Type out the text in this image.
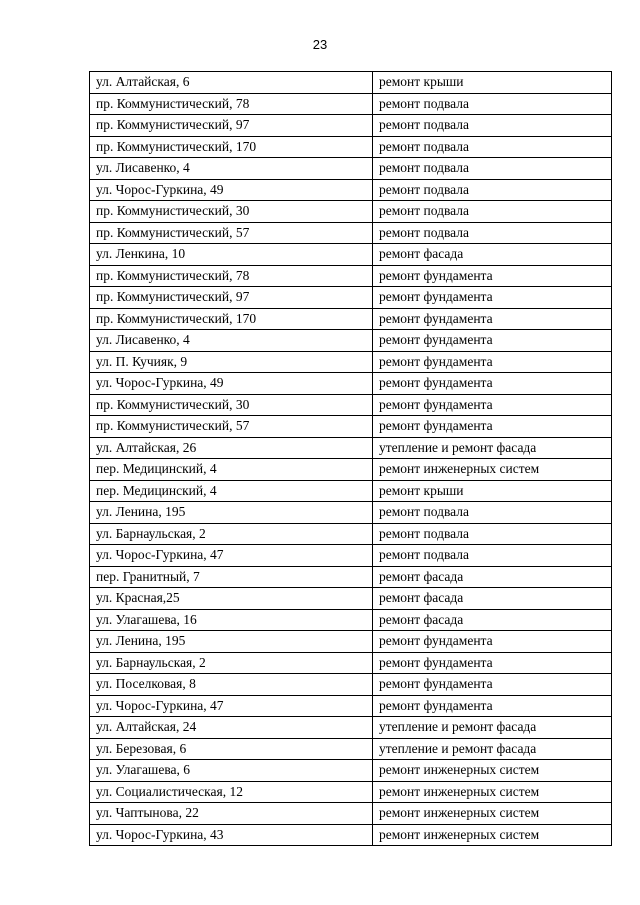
23
ул. Алтайская, 6	ремонт крыши
пр. Коммунистический, 78	ремонт подвала
пр. Коммунистический, 97	ремонт подвала
пр. Коммунистический, 170	ремонт подвала
ул. Лисавенко, 4	ремонт подвала
ул. Чорос-Гуркина, 49	ремонт подвала
пр. Коммунистический, 30	ремонт подвала
пр. Коммунистический, 57	ремонт подвала
ул. Ленкина, 10	ремонт фасада
пр. Коммунистический, 78	ремонт фундамента
пр. Коммунистический, 97	ремонт фундамента
пр. Коммунистический, 170	ремонт фундамента
ул. Лисавенко, 4	ремонт фундамента
ул. П. Кучияк, 9	ремонт фундамента
ул. Чорос-Гуркина, 49	ремонт фундамента
пр. Коммунистический, 30	ремонт фундамента
пр. Коммунистический, 57	ремонт фундамента
ул. Алтайская, 26	утепление и ремонт фасада
пер. Медицинский, 4	ремонт инженерных систем
пер. Медицинский, 4	ремонт крыши
ул. Ленина, 195	ремонт подвала
ул. Барнаульская, 2	ремонт подвала
ул. Чорос-Гуркина, 47	ремонт подвала
пер. Гранитный, 7	ремонт фасада
ул. Красная,25	ремонт фасада
ул. Улагашева, 16	ремонт фасада
ул. Ленина, 195	ремонт фундамента
ул. Барнаульская, 2	ремонт фундамента
ул. Поселковая, 8	ремонт фундамента
ул. Чорос-Гуркина, 47	ремонт фундамента
ул. Алтайская, 24	утепление и ремонт фасада
ул. Березовая, 6	утепление и ремонт фасада
ул. Улагашева, 6	ремонт инженерных систем
ул. Социалистическая, 12	ремонт инженерных систем
ул. Чаптынова, 22	ремонт инженерных систем
ул. Чорос-Гуркина, 43	ремонт инженерных систем
